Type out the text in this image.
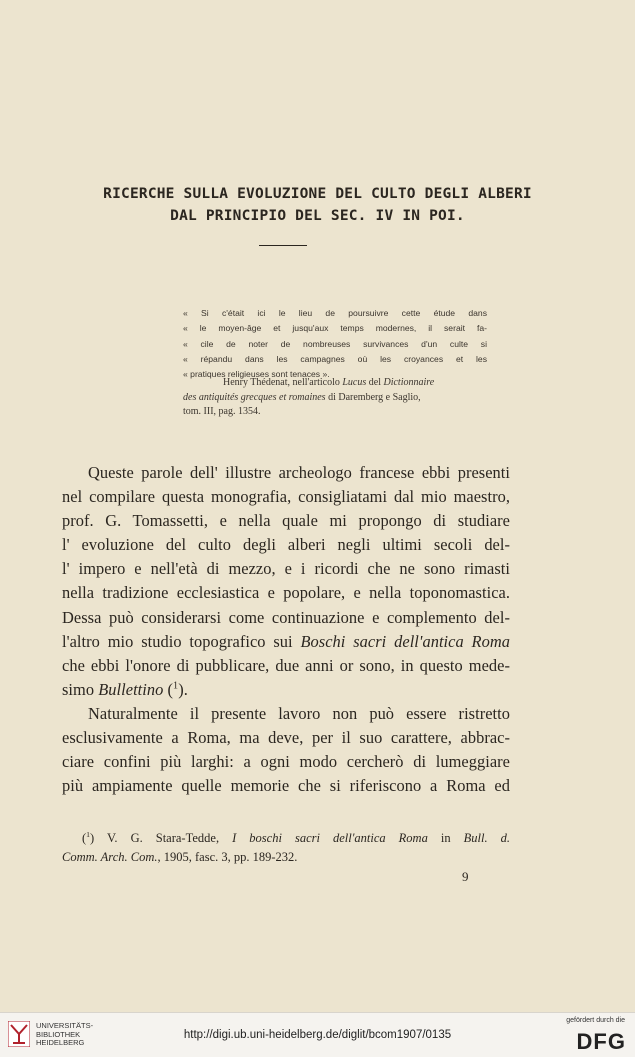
RICERCHE SULLA EVOLUZIONE DEL CULTO DEGLI ALBERI
DAL PRINCIPIO DEL SEC. IV IN POI.
« Si c'était ici le lieu de poursuivre cette étude dans
« le moyen-âge et jusqu'aux temps modernes, il serait fa-
« cile de noter de nombreuses survivances d'un culte si
« répandu dans les campagnes où les croyances et les
« pratiques religieuses sont tenaces ».
Henry Thédenat, nell'articolo Lucus del Dictionnaire
des antiquités grecques et romaines di Daremberg e Saglio,
tom. III, pag. 1354.
Queste parole dell' illustre archeologo francese ebbi presenti
nel compilare questa monografia, consigliatami dal mio maestro,
prof. G. Tomassetti, e nella quale mi propongo di studiare
l' evoluzione del culto degli alberi negli ultimi secoli del-
l' impero e nell'età di mezzo, e i ricordi che ne sono rimasti
nella tradizione ecclesiastica e popolare, e nella toponomastica.
Dessa può considerarsi come continuazione e complemento del-
l'altro mio studio topografico sui Boschi sacri dell'antica Roma
che ebbi l'onore di pubblicare, due anni or sono, in questo mede-
simo Bullettino ($^1$).
Naturalmente il presente lavoro non può essere ristretto
esclusivamente a Roma, ma deve, per il suo carattere, abbrac-
ciare confini più larghi: a ogni modo cercherò di lumeggiare
più ampiamente quelle memorie che si riferiscono a Roma ed
($^1$) V. G. Stara-Tedde, I boschi sacri dell'antica Roma in Bull. d.
Comm. Arch. Com., 1905, fasc. 3, pp. 189-232.
9
UNIVERSITÄTS-
BIBLIOTHEK
HEIDELBERG
http://digi.ub.uni-heidelberg.de/diglit/bcom1907/0135
gefördert durch die
DFG
